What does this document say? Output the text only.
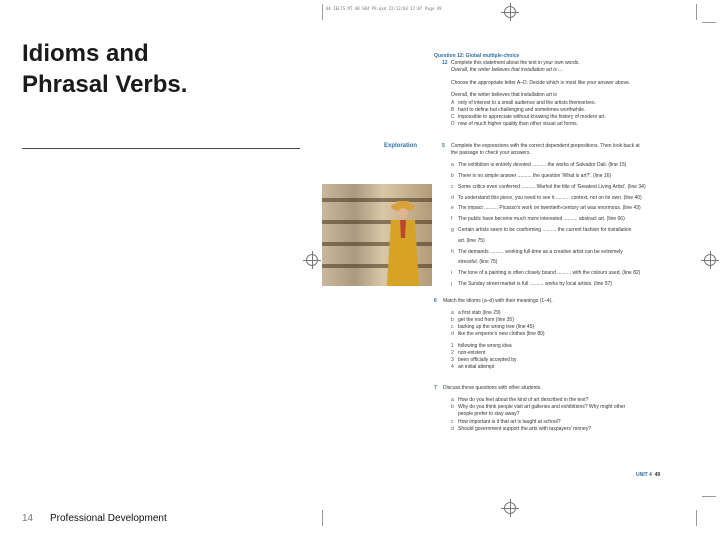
Idioms and
Phrasal Verbs.
14 Professional Development
04 IELTS MT AB SB4 P9.qxd 22/12/03 17:07 Page 49
Question 12: Global multiple-choice
12 Complete this statement about the text in your own words.
Overall, the writer believes that installation art is ...
Choose the appropriate letter A–D. Decide which is most like your answer above.
Overall, the writer believes that installation art is
A only of interest to a small audience and the artists themselves.
B hard to define but challenging and sometimes worthwhile.
C impossible to appreciate without knowing the history of modern art.
D now of much higher quality than other visual art forms.
Exploration	5 Complete the expressions with the correct dependent prepositions. Then look back at
the passage to check your answers.
a The exhibition is entirely devoted .......... the works of Salvador Dali. (line 15)
b There is no simple answer .......... the question 'What is art?'. (line 16)
c Some critics even conferred .......... Warhol the title of 'Greatest Living Artist'. (line 34)
d To understand this piece, you need to see it .......... context, not on its own. (line 40)
e The impact .......... Picasso's work on twentieth-century art was enormous. (line 43)
f The public have become much more interested .......... abstract art. (line 66)
g Certain artists seem to be conforming .......... the current fashion for installation
art. (line 75)
h The demands .......... working full-time as a creative artist can be extremely
stressful. (line 75)
i The tone of a painting is often closely bound .......... with the colours used. (line 82)
j The Sunday street market is full .......... works by local artists. (line 97)
6 Match the idioms (a–d) with their meanings (1–4).
a a first stab (line 29)
b get the nod from (line 35)
c barking up the wrong tree (line 45)
d like the emperor's new clothes (line 80)
1 following the wrong idea
2 non-existent
3 been officially accepted by
4 an initial attempt
7 Discuss these questions with other students.
a How do you feel about the kind of art described in the text?
b Why do you think people visit art galleries and exhibitions? Why might other
people prefer to stay away?
c How important is it that art is taught at school?
d Should government support the arts with taxpayers' money?
UNIT 4 49
